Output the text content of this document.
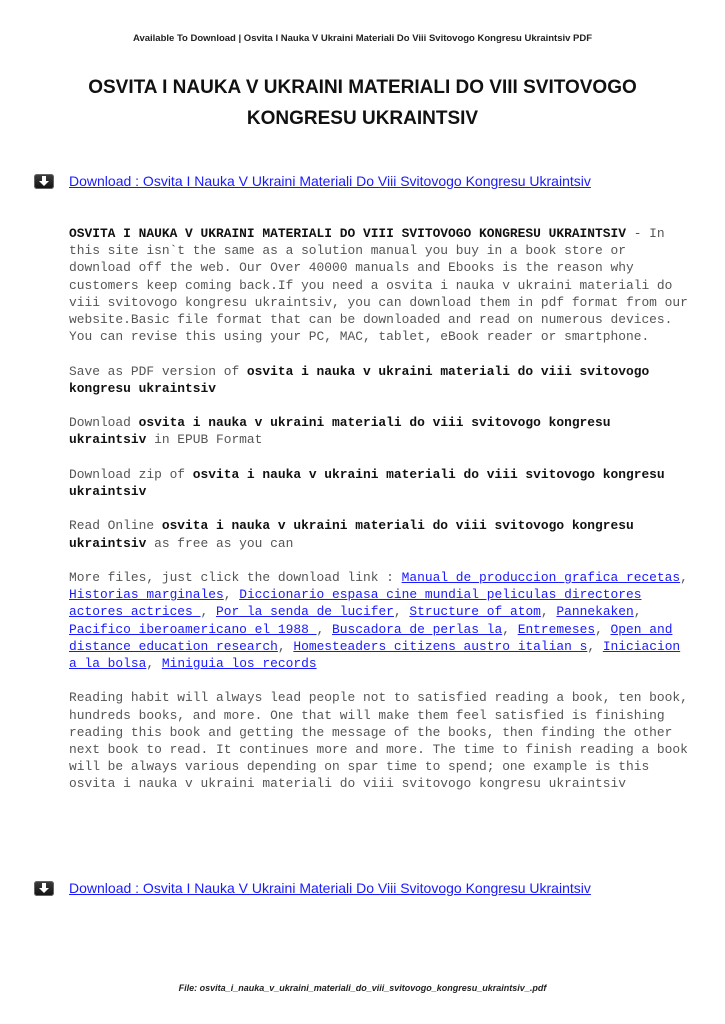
Available To Download | Osvita I Nauka V Ukraini Materiali Do Viii Svitovogo Kongresu Ukraintsiv PDF
OSVITA I NAUKA V UKRAINI MATERIALI DO VIII SVITOVOGO
KONGRESU UKRAINTSIV
Download : Osvita I Nauka V Ukraini Materiali Do Viii Svitovogo Kongresu Ukraintsiv

OSVITA I NAUKA V UKRAINI MATERIALI DO VIII SVITOVOGO KONGRESU UKRAINTSIV - In this site isn`t the same as a solution manual you buy in a book store or download off the web. Our Over 40000 manuals and Ebooks is the reason why customers keep coming back.If you need a osvita i nauka v ukraini materiali do viii svitovogo kongresu ukraintsiv, you can download them in pdf format from our website.Basic file format that can be downloaded and read on numerous devices. You can revise this using your PC, MAC, tablet, eBook reader or smartphone.

Save as PDF version of osvita i nauka v ukraini materiali do viii svitovogo kongresu ukraintsiv

Download osvita i nauka v ukraini materiali do viii svitovogo kongresu ukraintsiv in EPUB Format

Download zip of osvita i nauka v ukraini materiali do viii svitovogo kongresu ukraintsiv

Read Online osvita i nauka v ukraini materiali do viii svitovogo kongresu ukraintsiv as free as you can

More files, just click the download link : Manual de produccion grafica recetas, Historias marginales, Diccionario espasa cine mundial peliculas directores actores actrices , Por la senda de lucifer, Structure of atom, Pannekaken, Pacifico iberoamericano el 1988 , Buscadora de perlas la, Entremeses, Open and distance education research, Homesteaders citizens austro italian s, Iniciacion a la bolsa, Miniguia los records

Reading habit will always lead people not to satisfied reading a book, ten book, hundreds books, and more. One that will make them feel satisfied is finishing reading this book and getting the message of the books, then finding the other next book to read. It continues more and more. The time to finish reading a book will be always various depending on spar time to spend; one example is this osvita i nauka v ukraini materiali do viii svitovogo kongresu ukraintsiv

Download : Osvita I Nauka V Ukraini Materiali Do Viii Svitovogo Kongresu Ukraintsiv
File: osvita_i_nauka_v_ukraini_materiali_do_viii_svitovogo_kongresu_ukraintsiv_.pdf
